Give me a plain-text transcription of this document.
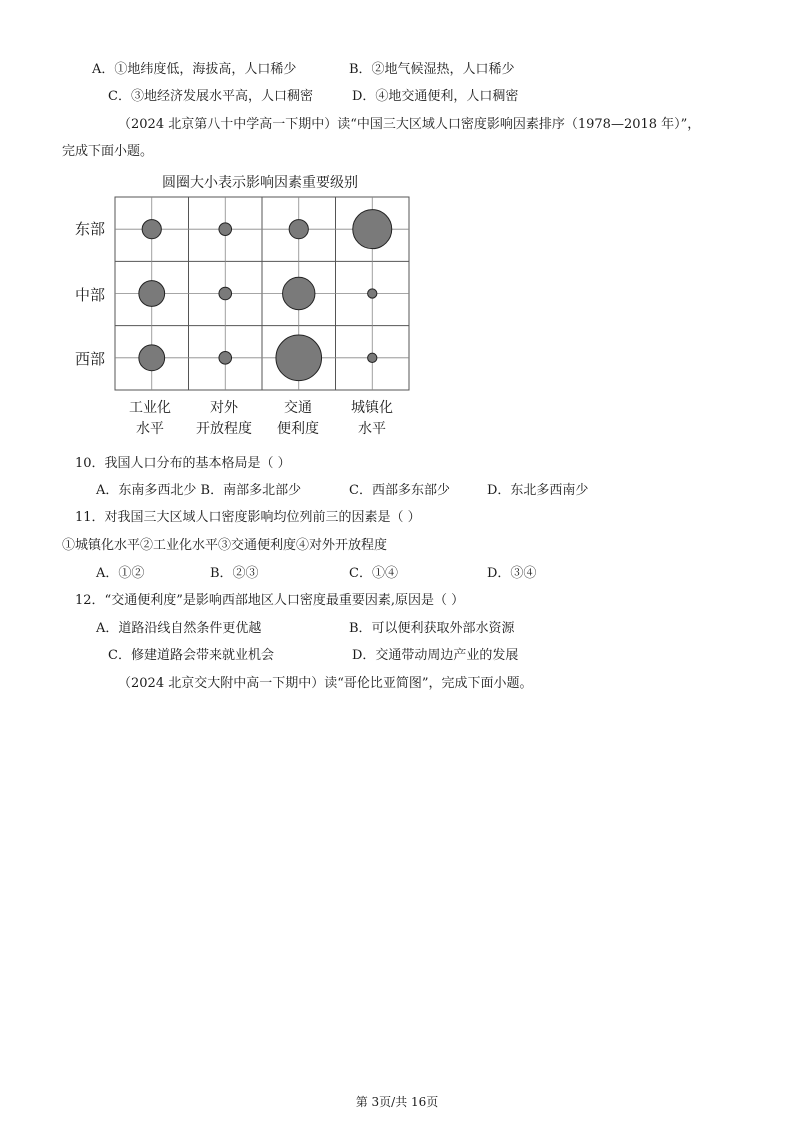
A．①地纬度低，海拔高，人口稀少	B．②地气候湿热，人口稀少
C．③地经济发展水平高，人口稠密	D．④地交通便利，人口稠密
（2024 北京第八十中学高一下期中）读“中国三大区域人口密度影响因素排序（1978—2018 年）”，
完成下面小题。
圆圈大小表示影响因素重要级别
东部
中部
西部
工业化
水平
对外
开放程度
交通
便利度
城镇化
水平
10．我国人口分布的基本格局是（ ）
A．东南多西北少 B．南部多北部少	C．西部多东部少	D．东北多西南少
11．对我国三大区域人口密度影响均位列前三的因素是（ ）
①城镇化水平②工业化水平③交通便利度④对外开放程度
A．①②	B．②③	C．①④	D．③④
12．“交通便利度”是影响西部地区人口密度最重要因素,原因是（ ）
A．道路沿线自然条件更优越	B．可以便利获取外部水资源
C．修建道路会带来就业机会	D．交通带动周边产业的发展
（2024 北京交大附中高一下期中）读“哥伦比亚简图”，完成下面小题。
第 3页/共 16页
